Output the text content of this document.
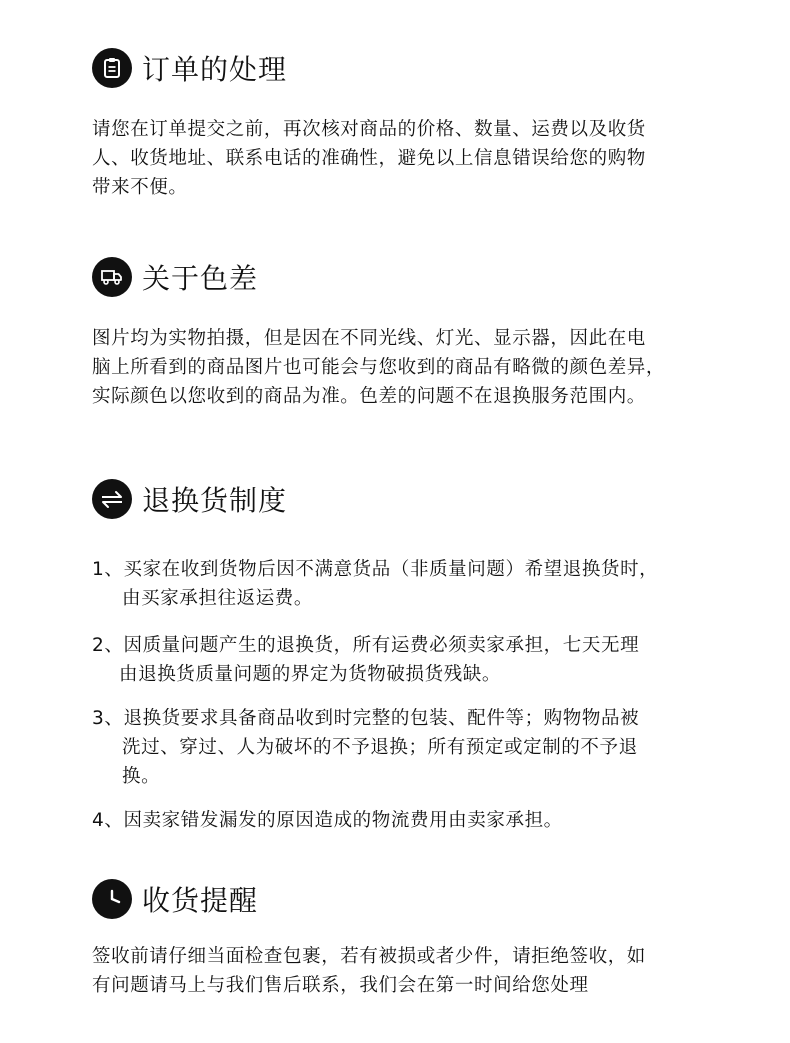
订单的处理
请您在订单提交之前，再次核对商品的价格、数量、运费以及收货
人、收货地址、联系电话的准确性，避免以上信息错误给您的购物
带来不便。
关于色差
图片均为实物拍摄，但是因在不同光线、灯光、显示器，因此在电
脑上所看到的商品图片也可能会与您收到的商品有略微的颜色差异，
实际颜色以您收到的商品为准。色差的问题不在退换服务范围内。
退换货制度
1、买家在收到货物后因不满意货品（非质量问题）希望退换货时，
由买家承担往返运费。
2、因质量问题产生的退换货，所有运费必须卖家承担，七天无理
由退换货质量问题的界定为货物破损货残缺。
3、退换货要求具备商品收到时完整的包装、配件等；购物物品被
洗过、穿过、人为破坏的不予退换；所有预定或定制的不予退
换。
4、因卖家错发漏发的原因造成的物流费用由卖家承担。
收货提醒
签收前请仔细当面检查包裹，若有被损或者少件，请拒绝签收，如
有问题请马上与我们售后联系，我们会在第一时间给您处理
